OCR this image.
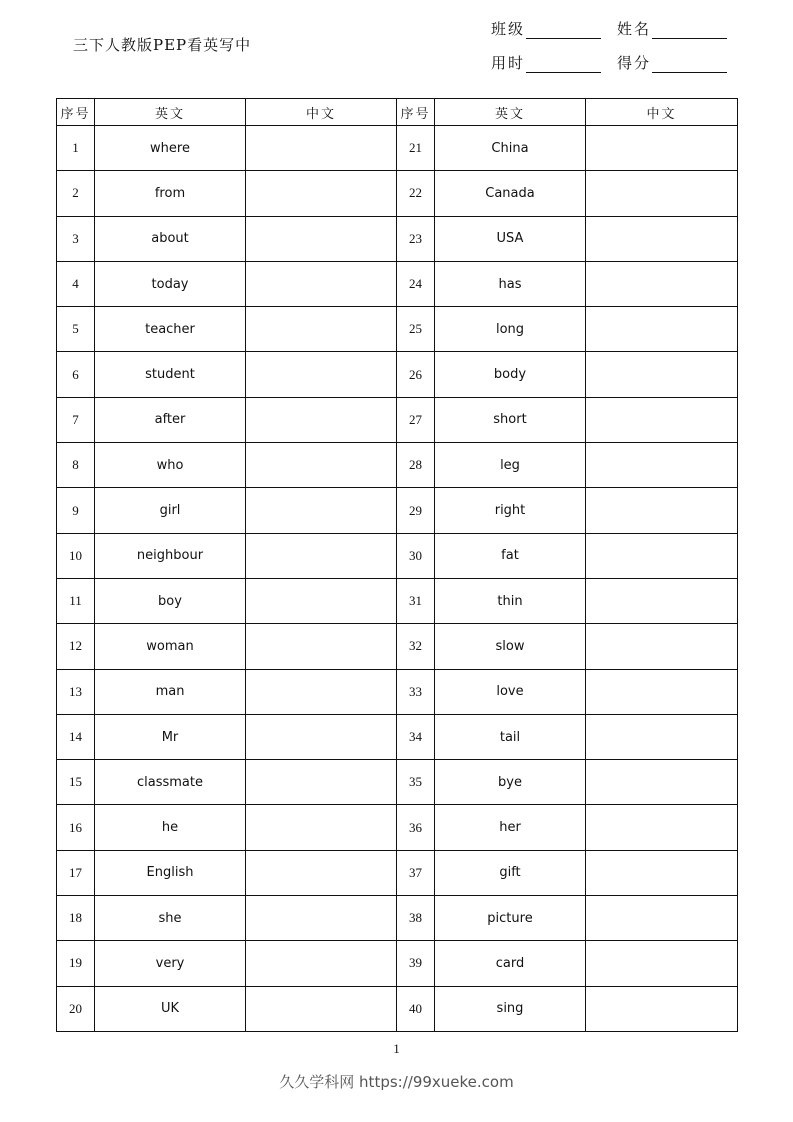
三下人教版PEP看英写中
班级	姓名
用时	得分
序号	英文	中文	序号	英文	中文
1	where		21	China	
2	from		22	Canada	
3	about		23	USA	
4	today		24	has	
5	teacher		25	long	
6	student		26	body	
7	after		27	short	
8	who		28	leg	
9	girl		29	right	
10	neighbour		30	fat	
11	boy		31	thin	
12	woman		32	slow	
13	man		33	love	
14	Mr		34	tail	
15	classmate		35	bye	
16	he		36	her	
17	English		37	gift	
18	she		38	picture	
19	very		39	card	
20	UK		40	sing	
1
久久学科网 https://99xueke.com
